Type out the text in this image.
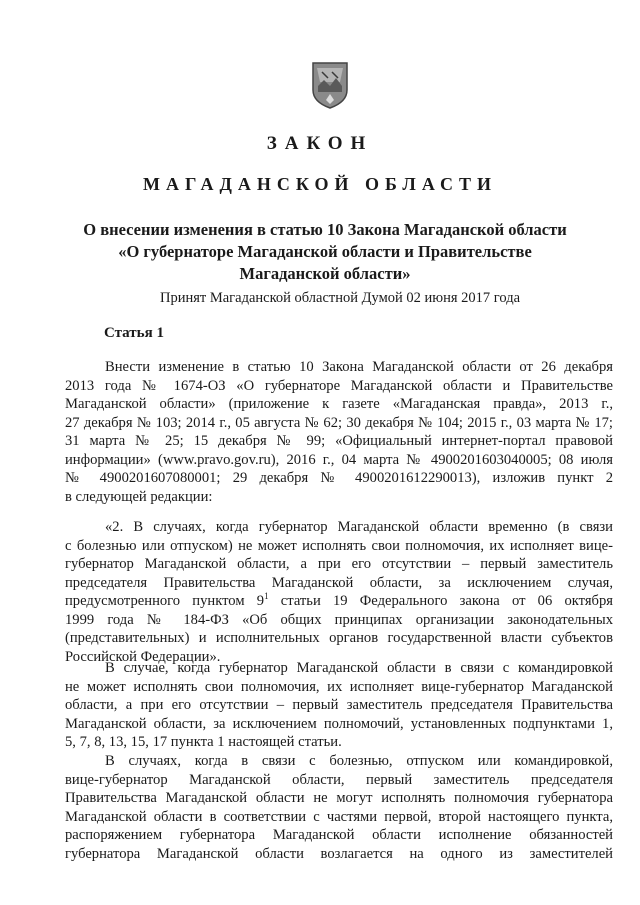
ЗАКОН
МАГАДАНСКОЙ ОБЛАСТИ
О внесении изменения в статью 10 Закона Магаданской области
«О губернаторе Магаданской области и Правительстве
Магаданской области»
Принят Магаданской областной Думой 02 июня 2017 года
Статья 1
Внести изменение в статью 10 Закона Магаданской области от 26 декабря
2013 года № 1674-ОЗ «О губернаторе Магаданской области и Правительстве
Магаданской области» (приложение к газете «Магаданская правда», 2013 г.,
27 декабря № 103; 2014 г., 05 августа № 62; 30 декабря № 104; 2015 г., 03 марта № 17;
31 марта № 25; 15 декабря № 99; «Официальный интернет-портал правовой
информации» (www.pravo.gov.ru), 2016 г., 04 марта № 4900201603040005; 08 июля
№ 4900201607080001; 29 декабря № 4900201612290013), изложив пункт 2
в следующей редакции:
«2. В случаях, когда губернатор Магаданской области временно (в связи
с болезнью или отпуском) не может исполнять свои полномочия, их исполняет вице-
губернатор Магаданской области, а при его отсутствии – первый заместитель
председателя Правительства Магаданской области, за исключением случая,
предусмотренного пунктом $9^1$ статьи 19 Федерального закона от 06 октября
1999 года № 184-ФЗ «Об общих принципах организации законодательных
(представительных) и исполнительных органов государственной власти субъектов
Российской Федерации».
В случае, когда губернатор Магаданской области в связи с командировкой
не может исполнять свои полномочия, их исполняет вице-губернатор Магаданской
области, а при его отсутствии – первый заместитель председателя Правительства
Магаданской области, за исключением полномочий, установленных подпунктами 1,
5, 7, 8, 13, 15, 17 пункта 1 настоящей статьи.
В случаях, когда в связи с болезнью, отпуском или командировкой,
вице-губернатор Магаданской области, первый заместитель председателя
Правительства Магаданской области не могут исполнять полномочия губернатора
Магаданской области в соответствии с частями первой, второй настоящего пункта,
распоряжением губернатора Магаданской области исполнение обязанностей
губернатора Магаданской области возлагается на одного из заместителей
